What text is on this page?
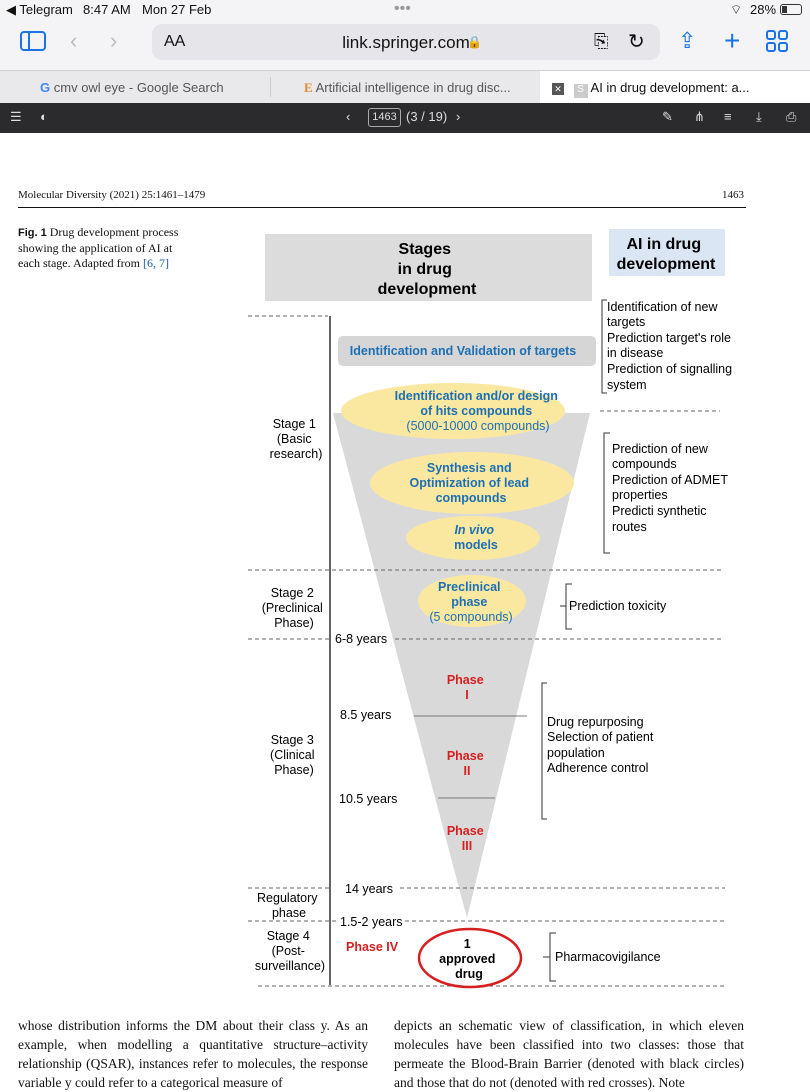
◀ Telegram 8:47 AM Mon 27 Feb	•••	⌔ 28%
‹ ›	AA	link.springer.com
🔒	⎘ ↻ ⇪ +
G cmv owl eye - Google Search	E Artificial intelligence in drug disc...	✕ S AI in drug development: a...
☰ ◐	‹	1463 (3 / 19) ›	✎ ⋔ ≡ ⤓ ⎙
Molecular Diversity (2021) 25:1461–1479	1463
Fig. 1 Drug development process showing the application of AI at each stage. Adapted from [6, 7]
Stages in drug development
AI in drug development
Identification and Validation of targets
Identification and/or design of hits compounds (5000-10000 compounds)
Synthesis and Optimization of lead compounds
In vivo models
Preclinical phase (5 compounds)
Phase I
Phase II
Phase III
Phase IV	1 approved drug
Stage 1 (Basic research)
Stage 2 (Preclinical Phase)
Stage 3 (Clinical Phase)
Regulatory phase
Stage 4 (Post- surveillance)
6-8 years
8.5 years
10.5 years
14 years
1.5-2 years
Identification of new targets Prediction target's role in disease Prediction of signalling system
Prediction of new compounds Prediction of ADMET properties Predicti synthetic routes
Prediction toxicity
Drug repurposing Selection of patient population Adherence control
Pharmacovigilance
whose distribution informs the DM about their class y. As an example, when modelling a quantitative structure–activity relationship (QSAR), instances refer to molecules, the response variable y could refer to a categorical measure of
depicts an schematic view of classification, in which eleven molecules have been classified into two classes: those that permeate the Blood-Brain Barrier (denoted with black circles) and those that do not (denoted with red crosses). Note
